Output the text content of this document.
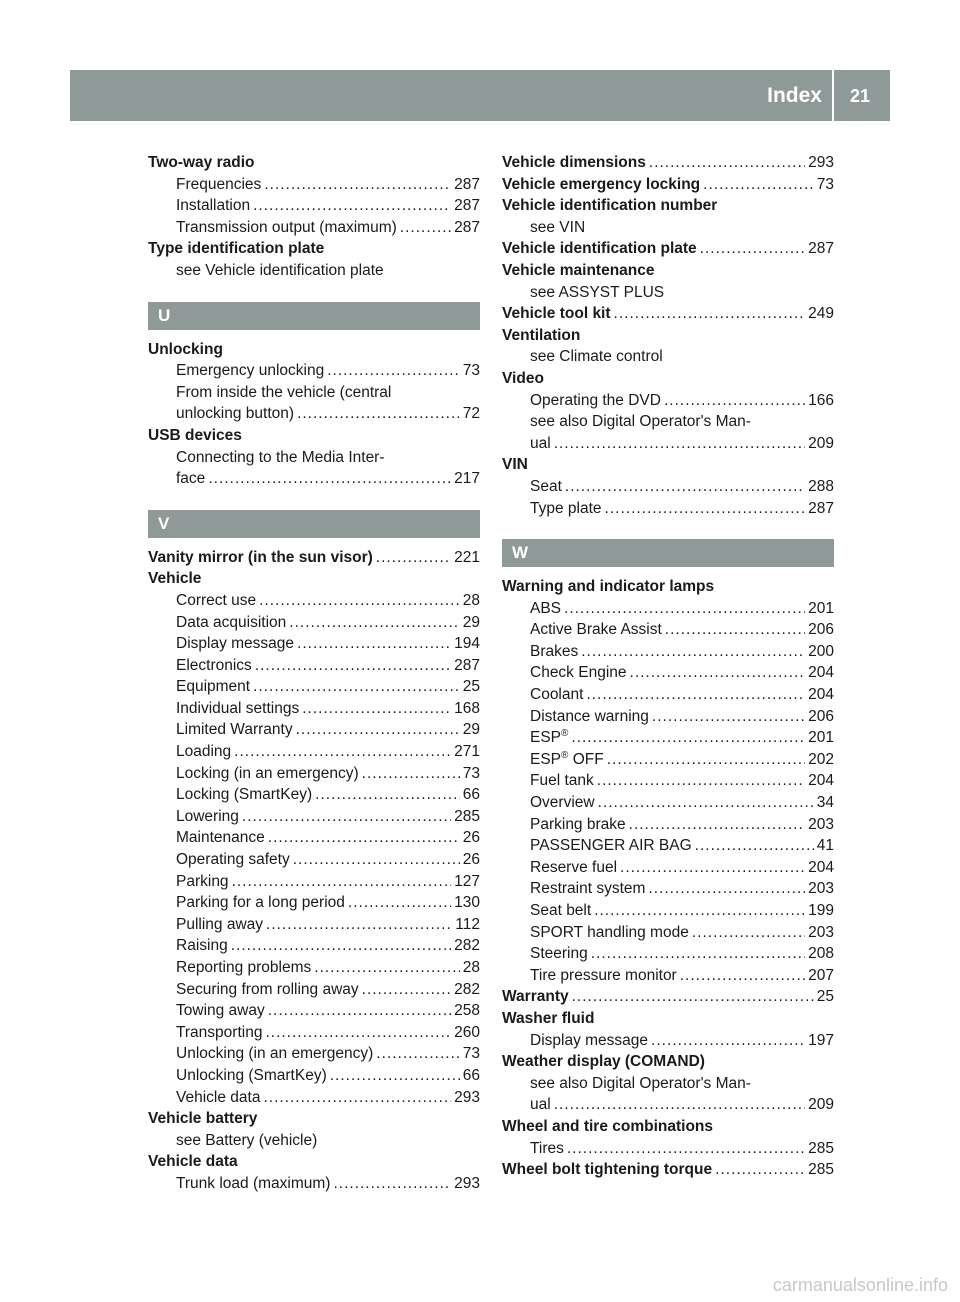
Index 21
Two-way radio
Frequencies .....	287
Installation .....	287
Transmission output (maximum) .....	287
Type identification plate
see Vehicle identification plate
U
Unlocking
Emergency unlocking .....	73
From inside the vehicle (central
unlocking button) .....	72
USB devices
Connecting to the Media Inter-
face .....	217
V
Vanity mirror (in the sun visor) .....	221
Vehicle
Correct use .....	28
Data acquisition .....	29
Display message .....	194
Electronics .....	287
Equipment .....	25
Individual settings .....	168
Limited Warranty .....	29
Loading .....	271
Locking (in an emergency) .....	73
Locking (SmartKey) .....	66
Lowering .....	285
Maintenance .....	26
Operating safety .....	26
Parking .....	127
Parking for a long period .....	130
Pulling away .....	112
Raising .....	282
Reporting problems .....	28
Securing from rolling away .....	282
Towing away .....	258
Transporting .....	260
Unlocking (in an emergency) .....	73
Unlocking (SmartKey) .....	66
Vehicle data .....	293
Vehicle battery
see Battery (vehicle)
Vehicle data
Trunk load (maximum) .....	293
Vehicle dimensions .....	293
Vehicle emergency locking .....	73
Vehicle identification number
see VIN
Vehicle identification plate .....	287
Vehicle maintenance
see ASSYST PLUS
Vehicle tool kit .....	249
Ventilation
see Climate control
Video
Operating the DVD .....	166
see also Digital Operator's Man-
ual .....	209
VIN
Seat .....	288
Type plate .....	287
W
Warning and indicator lamps
ABS .....	201
Active Brake Assist .....	206
Brakes .....	200
Check Engine .....	204
Coolant .....	204
Distance warning .....	206
ESP® .....	201
ESP® OFF .....	202
Fuel tank .....	204
Overview .....	34
Parking brake .....	203
PASSENGER AIR BAG .....	41
Reserve fuel .....	204
Restraint system .....	203
Seat belt .....	199
SPORT handling mode .....	203
Steering .....	208
Tire pressure monitor .....	207
Warranty .....	25
Washer fluid
Display message .....	197
Weather display (COMAND)
see also Digital Operator's Man-
ual .....	209
Wheel and tire combinations
Tires .....	285
Wheel bolt tightening torque .....	285
carmanualsonline.info
